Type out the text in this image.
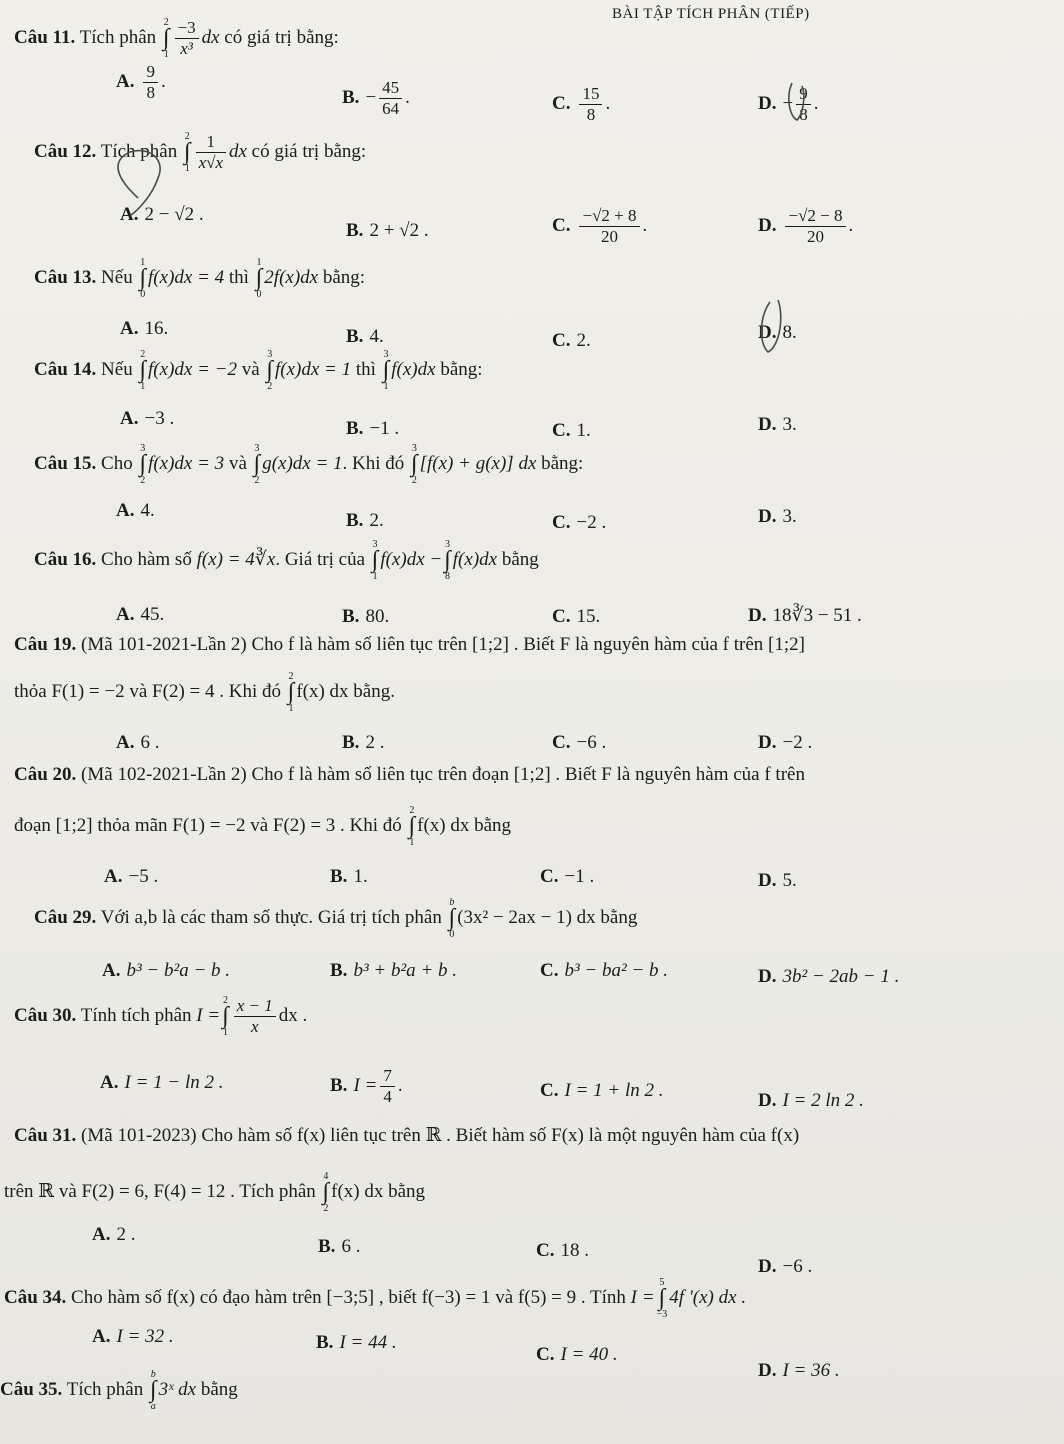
BÀI TẬP TÍCH PHÂN (TIẾP)
Câu 11. Tích phân
2
∫
$1 \frac{-3}{\text{x³}}$ dx có giá trị bằng:
A. $\frac{9}{8}$ .
B. − $\frac{45}{64}$ .	C. $\frac{15}{8}$ .	D. − $\frac{9}{8}$ .
Câu 12. Tích phân
2
∫
$1 \frac{1}{x√x}$ dx có giá trị bằng:
A. 2 − √2 .
B. 2 + √2 .	C. $\frac{-√2 + 8}{20}$ .	D. $\frac{-√2 - 8}{20}$ .
Câu 13. Nếu
1
∫
0
f(x)dx = 4 thì
1
∫
0
2f(x)dx bằng:
A. 16.	B. 4.	C. 2.	D. 8.
Câu 14. Nếu
2
∫
1
f(x)dx = −2 và
3
∫
2
f(x)dx = 1 thì
3
∫
1
f(x)dx bằng:
A. −3 .	B. −1 .	C. 1.	D. 3.
Câu 15. Cho
3
∫
2
f(x)dx = 3 và
3
∫
2
g(x)dx = 1. Khi đó
3
∫
2
[f(x) + g(x)] dx bằng:
A. 4.	B. 2.	C. −2 .	D. 3.
Câu 16. Cho hàm số f(x) = 4∛x. Giá trị của
3
∫
1
f(x)dx −
3
∫
8
f(x)dx bằng
A. 45.	B. 80.	C. 15.	D. 18∛3 − 51 .
Câu 19. (Mã 101-2021-Lần 2) Cho f là hàm số liên tục trên [1;2] . Biết F là nguyên hàm của f trên [1;2]
thỏa F(1) = −2 và F(2) = 4 . Khi đó
2
∫
1
f(x) dx bằng.
A. 6 .	B. 2 .	C. −6 .	D. −2 .
Câu 20. (Mã 102-2021-Lần 2) Cho f là hàm số liên tục trên đoạn [1;2] . Biết F là nguyên hàm của f trên
đoạn [1;2] thỏa mãn F(1) = −2 và F(2) = 3 . Khi đó
2
∫
1
f(x) dx bằng
A. −5 .	B. 1.	C. −1 .	D. 5.
Câu 29. Với a,b là các tham số thực. Giá trị tích phân
b
∫
0
(3x² − 2ax − 1) dx bằng
A. b³ − b²a − b .	B. b³ + b²a + b .	C. b³ − ba² − b .	D. 3b² − 2ab − 1 .
Câu 30. Tính tích phân I =
2
∫
$1 \frac{x - 1}{x}$ dx .
A. I = 1 − ln 2 .	B. $I = \frac{7}{4}$ .	C. I = 1 + ln 2 .	D. I = 2 ln 2 .
Câu 31. (Mã 101-2023) Cho hàm số f(x) liên tục trên ℝ . Biết hàm số F(x) là một nguyên hàm của f(x)
trên ℝ và F(2) = 6, F(4) = 12 . Tích phân
4
∫
2
f(x) dx bằng
A. 2 .
B. 6 .	C. 18 .
D. −6 .
Câu 34. Cho hàm số f(x) có đạo hàm trên [−3;5] , biết f(−3) = 1 và f(5) = 9 . Tính I =
5
∫
−3
4f '(x) dx .
A. I = 32 .	B. I = 44 .
C. I = 40 .
D. I = 36 .
Câu 35. Tích phân
b
∫
a
3ˣ dx bằng
